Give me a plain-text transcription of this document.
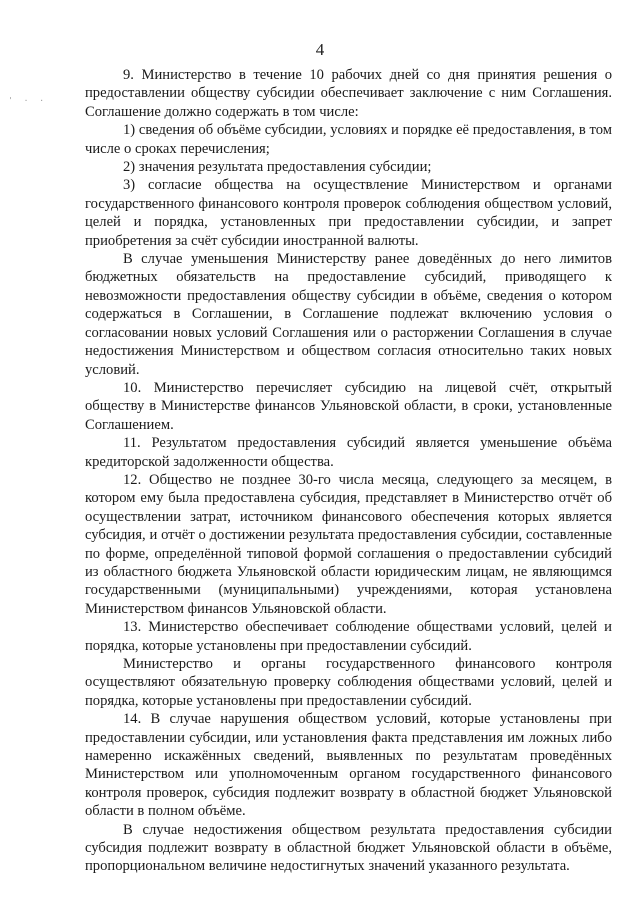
' · ·
4

9. Министерство в течение 10 рабочих дней со дня принятия решения о предоставлении обществу субсидии обеспечивает заключение с ним Соглашения. Соглашение должно содержать в том числе:

1) сведения об объёме субсидии, условиях и порядке её предоставления, в том числе о сроках перечисления;

2) значения результата предоставления субсидии;

3) согласие общества на осуществление Министерством и органами государственного финансового контроля проверок соблюдения обществом условий, целей и порядка, установленных при предоставлении субсидии, и запрет приобретения за счёт субсидии иностранной валюты.

В случае уменьшения Министерству ранее доведённых до него лимитов бюджетных обязательств на предоставление субсидий, приводящего к невозможности предоставления обществу субсидии в объёме, сведения о котором содержаться в Соглашении, в Соглашение подлежат включению условия о согласовании новых условий Соглашения или о расторжении Соглашения в случае недостижения Министерством и обществом согласия относительно таких новых условий.

10. Министерство перечисляет субсидию на лицевой счёт, открытый обществу в Министерстве финансов Ульяновской области, в сроки, установленные Соглашением.

11. Результатом предоставления субсидий является уменьшение объёма кредиторской задолженности общества.

12. Общество не позднее 30-го числа месяца, следующего за месяцем, в котором ему была предоставлена субсидия, представляет в Министерство отчёт об осуществлении затрат, источником финансового обеспечения которых является субсидия, и отчёт о достижении результата предоставления субсидии, составленные по форме, определённой типовой формой соглашения о предоставлении субсидий из областного бюджета Ульяновской области юридическим лицам, не являющимся государственными (муниципальными) учреждениями, которая установлена Министерством финансов Ульяновской области.

13. Министерство обеспечивает соблюдение обществами условий, целей и порядка, которые установлены при предоставлении субсидий.

Министерство и органы государственного финансового контроля осуществляют обязательную проверку соблюдения обществами условий, целей и порядка, которые установлены при предоставлении субсидий.

14. В случае нарушения обществом условий, которые установлены при предоставлении субсидии, или установления факта представления им ложных либо намеренно искажённых сведений, выявленных по результатам проведённых Министерством или уполномоченным органом государственного финансового контроля проверок, субсидия подлежит возврату в областной бюджет Ульяновской области в полном объёме.

В случае недостижения обществом результата предоставления субсидии субсидия подлежит возврату в областной бюджет Ульяновской области в объёме, пропорциональном величине недостигнутых значений указанного результата.
